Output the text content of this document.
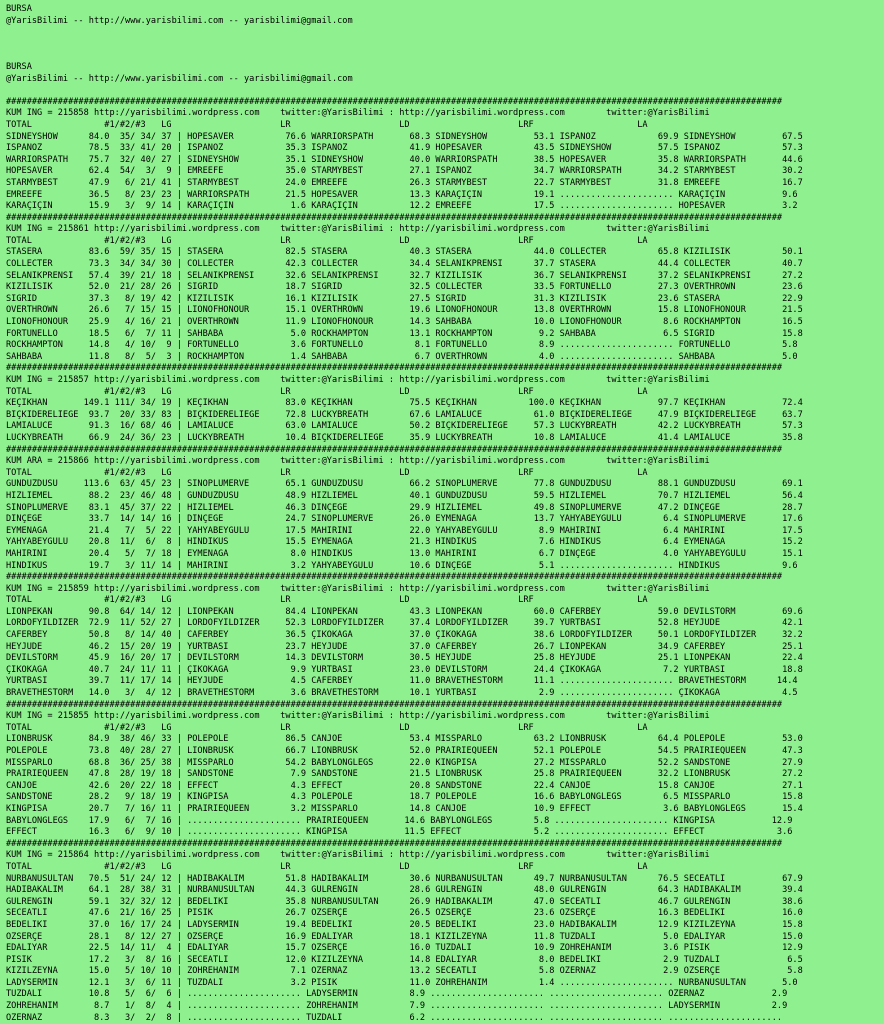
BURSA
@YarisBilimi -- http://www.yarisbilimi.com -- yarisbilimi@gmail.com
BURSA
@YarisBilimi -- http://www.yarisbilimi.com -- yarisbilimi@gmail.com
######################################################################################################################################################
KUM ING = 215858 http://yarisbilimi.wordpress.com    twitter:@YarisBilimi : http://yarisbilimi.wordpress.com        twitter:@YarisBilimi
TOTAL              #1/#2/#3   LG                     LR                     LD                     LRF                    LA
SIDNEYSHOW      84.0  35/ 34/ 37 | HOPESAVER          76.6 WARRIORSPATH       68.3 SIDNEYSHOW         53.1 ISPANOZ            69.9 SIDNEYSHOW         67.5
ISPANOZ         78.5  33/ 41/ 20 | ISPANOZ            35.3 ISPANOZ            41.9 HOPESAVER          43.5 SIDNEYSHOW         57.5 ISPANOZ            57.3
WARRIORSPATH    75.7  32/ 40/ 27 | SIDNEYSHOW         35.1 SIDNEYSHOW         40.0 WARRIORSPATH       38.5 HOPESAVER          35.8 WARRIORSPATH       44.6
HOPESAVER       62.4  54/  3/  9 | EMREEFE            35.0 STARMYBEST         27.1 ISPANOZ            34.7 WARRIORSPATH       34.2 STARMYBEST         30.2
STARMYBEST      47.9   6/ 21/ 41 | STARMYBEST         24.0 EMREEFE            26.3 STARMYBEST         22.7 STARMYBEST         31.8 EMREEFE            16.7
EMREEFE         36.5   8/ 23/ 23 | WARRIORSPATH       21.5 HOPESAVER          13.3 KARAÇIÇIN          19.1 ...................... KARAÇIÇIN           9.6
KARAÇIÇIN       15.9   3/  9/ 14 | KARAÇIÇIN           1.6 KARAÇIÇIN          12.2 EMREEFE            17.5 ...................... HOPESAVER           3.2
######################################################################################################################################################
KUM ING = 215861 http://yarisbilimi.wordpress.com    twitter:@YarisBilimi : http://yarisbilimi.wordpress.com        twitter:@YarisBilimi
TOTAL              #1/#2/#3   LG                     LR                     LD                     LRF                    LA
STASERA         83.6  59/ 35/ 15 | STASERA            82.5 STASERA            40.3 STASERA            44.0 COLLECTER          65.8 KIZILISIK          50.1
COLLECTER       73.3  34/ 34/ 30 | COLLECTER          42.3 COLLECTER          34.4 SELANIKPRENSI      37.7 STASERA            44.4 COLLECTER          40.7
SELANIKPRENSI   57.4  39/ 21/ 18 | SELANIKPRENSI      32.6 SELANIKPRENSI      32.7 KIZILISIK          36.7 SELANIKPRENSI      37.2 SELANIKPRENSI      27.2
KIZILISIK       52.0  21/ 28/ 26 | SIGRID             18.7 SIGRID             32.5 COLLECTER          33.5 FORTUNELLO         27.3 OVERTHROWN         23.6
SIGRID          37.3   8/ 19/ 42 | KIZILISIK          16.1 KIZILISIK          27.5 SIGRID             31.3 KIZILISIK          23.6 STASERA            22.9
OVERTHROWN      26.6   7/ 15/ 15 | LIONOFHONOUR       15.1 OVERTHROWN         19.6 LIONOFHONOUR       13.8 OVERTHROWN         15.8 LIONOFHONOUR       21.5
LIONOFHONOUR    25.9   4/ 16/ 21 | OVERTHROWN         11.9 LIONOFHONOUR       14.3 SAHBABA            10.0 LIONOFHONOUR        8.6 ROCKHAMPTON        16.5
FORTUNELLO      18.5   6/  7/ 11 | SAHBABA             5.0 ROCKHAMPTON        13.1 ROCKHAMPTON         9.2 SAHBABA             6.5 SIGRID             15.8
ROCKHAMPTON     14.8   4/ 10/  9 | FORTUNELLO          3.6 FORTUNELLO          8.1 FORTUNELLO          8.9 ...................... FORTUNELLO          5.8
SAHBABA         11.8   8/  5/  3 | ROCKHAMPTON         1.4 SAHBABA             6.7 OVERTHROWN          4.0 ...................... SAHBABA             5.0
######################################################################################################################################################
KUM ING = 215857 http://yarisbilimi.wordpress.com    twitter:@YarisBilimi : http://yarisbilimi.wordpress.com        twitter:@YarisBilimi
TOTAL              #1/#2/#3   LG                     LR                     LD                     LRF                    LA
KEÇIKHAN       149.1 111/ 34/ 19 | KEÇIKHAN           83.0 KEÇIKHAN           75.5 KEÇIKHAN          100.0 KEÇIKHAN           97.7 KEÇIKHAN           72.4
BIÇKIDERELIEGE  93.7  20/ 33/ 83 | BIÇKIDERELIEGE     72.8 LUCKYBREATH        67.6 LAMIALUCE          61.0 BIÇKIDERELIEGE     47.9 BIÇKIDERELIEGE     63.7
LAMIALUCE       91.3  16/ 68/ 46 | LAMIALUCE          63.0 LAMIALUCE          50.2 BIÇKIDERELIEGE     57.3 LUCKYBREATH        42.2 LUCKYBREATH        57.3
LUCKYBREATH     66.9  24/ 36/ 23 | LUCKYBREATH        10.4 BIÇKIDERELIEGE     35.9 LUCKYBREATH        10.8 LAMIALUCE          41.4 LAMIALUCE          35.8
######################################################################################################################################################
KUM ARA = 215866 http://yarisbilimi.wordpress.com    twitter:@YarisBilimi : http://yarisbilimi.wordpress.com        twitter:@YarisBilimi
TOTAL              #1/#2/#3   LG                     LR                     LD                     LRF                    LA
GÜNDÜZDÜSÜ     113.6  63/ 45/ 23 | SINOPLUMERVE       65.1 GÜNDÜZDÜSÜ         66.2 SINOPLUMERVE       77.8 GÜNDÜZDÜSÜ         88.1 GÜNDÜZDÜSÜ         69.1
HIZLIEMEL       88.2  23/ 46/ 48 | GÜNDÜZDÜSÜ         48.9 HIZLIEMEL          40.1 GÜNDÜZDÜSÜ         59.5 HIZLIEMEL          70.7 HIZLIEMEL          56.4
SINOPLUMERVE    83.1  45/ 37/ 22 | HIZLIEMEL          46.3 DINÇEGE            29.9 HIZLIEMEL          49.8 SINOPLUMERVE       47.2 DINÇEGE            28.7
DINÇEGE         33.7  14/ 14/ 16 | DINÇEGE            24.7 SINOPLUMERVE       26.0 EYMENAGA           13.7 YAHYABEYGÜLÜ        6.4 SINOPLUMERVE       17.6
EYMENAGA        21.4   7/  5/ 22 | YAHYABEYGÜLÜ       17.5 MAHIRINI           22.0 YAHYABEYGÜLÜ        8.9 MAHIRINI            6.4 MAHIRINI           17.5
YAHYABEYGÜLÜ    20.8  11/  6/  8 | HINDIKUS           15.5 EYMENAGA           21.3 HINDIKUS            7.6 HINDIKUS            6.4 EYMENAGA           15.2
MAHIRINI        20.4   5/  7/ 18 | EYMENAGA            8.0 HINDIKUS           13.0 MAHIRINI            6.7 DINÇEGE             4.0 YAHYABEYGÜLÜ       15.1
HINDIKUS        19.7   3/ 11/ 14 | MAHIRINI            3.2 YAHYABEYGÜLÜ       10.6 DINÇEGE             5.1 ...................... HINDIKUS            9.6
######################################################################################################################################################
KUM ING = 215859 http://yarisbilimi.wordpress.com    twitter:@YarisBilimi : http://yarisbilimi.wordpress.com        twitter:@YarisBilimi
TOTAL              #1/#2/#3   LG                     LR                     LD                     LRF                    LA
LIONPEKAN       90.8  64/ 14/ 12 | LIONPEKAN          84.4 LIONPEKAN          43.3 LIONPEKAN          60.0 CAFERBEY           59.0 DEVILSTORM         69.6
LORDOFYILDIZER  72.9  11/ 52/ 27 | LORDOFYILDIZER     52.3 LORDOFYILDIZER     37.4 LORDOFYILDIZER     39.7 YURTBASI           52.8 HEYJUDE            42.1
CAFERBEY        50.8   8/ 14/ 40 | CAFERBEY           36.5 ÇIKOKAGA           37.0 ÇIKOKAGA           38.6 LORDOFYILDIZER     50.1 LORDOFYILDIZER     32.2
HEYJUDE         46.2  15/ 20/ 19 | YURTBASI           23.7 HEYJUDE            37.0 CAFERBEY           26.7 LIONPEKAN          34.9 CAFERBEY           25.1
DEVILSTORM      45.9  16/ 20/ 17 | DEVILSTORM         14.3 DEVILSTORM         30.5 HEYJUDE            25.8 HEYJUDE            25.1 LIONPEKAN          22.4
ÇIKOKAGA        40.7  24/ 11/ 11 | ÇIKOKAGA            9.9 YURTBASI           23.0 DEVILSTORM         24.4 ÇIKOKAGA            7.2 YURTBASI           18.8
YURTBASI        39.7  11/ 17/ 14 | HEYJUDE             4.5 CAFERBEY           11.0 BRAVETHESTORM      11.1 ...................... BRAVETHESTORM      14.4
BRAVETHESTORM   14.0   3/  4/ 12 | BRAVETHESTORM       3.6 BRAVETHESTORM      10.1 YURTBASI            2.9 ...................... ÇIKOKAGA            4.5
######################################################################################################################################################
KUM ING = 215855 http://yarisbilimi.wordpress.com    twitter:@YarisBilimi : http://yarisbilimi.wordpress.com        twitter:@YarisBilimi
TOTAL              #1/#2/#3   LG                     LR                     LD                     LRF                    LA
LIONBRUSK       84.9  38/ 46/ 33 | POLEPOLE           86.5 CANJOE             53.4 MISSPARLO          63.2 LIONBRUSK          64.4 POLEPOLE           53.0
POLEPOLE        73.8  40/ 28/ 27 | LIONBRUSK          66.7 LIONBRUSK          52.0 PRAIRIEQUEEN       52.1 POLEPOLE           54.5 PRAIRIEQUEEN       47.3
MISSPARLO       68.8  36/ 25/ 38 | MISSPARLO          54.2 BABYLONGLEGS       22.0 KINGPISA           27.2 MISSPARLO          52.2 SANDSTONE          27.9
PRAIRIEQUEEN    47.8  28/ 19/ 18 | SANDSTONE           7.9 SANDSTONE          21.5 LIONBRUSK          25.8 PRAIRIEQUEEN       32.2 LIONBRUSK          27.2
CANJOE          42.6  20/ 22/ 18 | EFFECT              4.3 EFFECT             20.8 SANDSTONE          22.4 CANJOE             15.8 CANJOE             27.1
SANDSTONE       28.2   9/ 18/ 19 | KINGPISA            4.3 POLEPOLE           18.7 POLEPOLE           16.6 BABYLONGLEGS        6.5 MISSPARLO          15.8
KINGPISA        20.7   7/ 16/ 11 | PRAIRIEQUEEN        3.2 MISSPARLO          14.8 CANJOE             10.9 EFFECT              3.6 BABYLONGLEGS       15.4
BABYLONGLEGS    17.9   6/  7/ 16 | ...................... PRAIRIEQUEEN       14.6 BABYLONGLEGS        5.8 ...................... KINGPISA           12.9
EFFECT          16.3   6/  9/ 10 | ...................... KINGPISA           11.5 EFFECT              5.2 ...................... EFFECT              3.6
######################################################################################################################################################
KUM ING = 215864 http://yarisbilimi.wordpress.com    twitter:@YarisBilimi : http://yarisbilimi.wordpress.com        twitter:@YarisBilimi
TOTAL              #1/#2/#3   LG                     LR                     LD                     LRF                    LA
NURBANUSULTAN   70.5  51/ 24/ 12 | HADIBAKALIM        51.8 HADIBAKALIM        30.6 NURBANUSULTAN      49.7 NURBANUSULTAN      76.5 SECEATLI           67.9
HADIBAKALIM     64.1  28/ 38/ 31 | NURBANUSULTAN      44.3 GÜLRENGIN          28.6 GÜLRENGIN          48.0 GÜLRENGIN          64.3 HADIBAKALIM        39.4
GÜLRENGIN       59.1  32/ 32/ 12 | BEDELIKI           35.8 NURBANUSULTAN      26.9 HADIBAKALIM        47.0 SECEATLI           46.7 GÜLRENGIN          38.6
SECEATLI        47.6  21/ 16/ 25 | PISIK              26.7 ÖZSERÇE            26.5 ÖZSERÇE            23.6 ÖZSERÇE            16.3 BEDELIKI           16.0
BEDELIKI        37.0  16/ 17/ 24 | LADYSERMIN         19.4 BEDELIKI           20.5 BEDELIKI           23.0 HADIBAKALIM        12.9 KIZILZEYNA         15.8
ÖZSERÇE         28.1   8/ 12/ 27 | ÖZSERÇE            16.9 EDALIYAR           18.1 KIZILZEYNA         11.8 TUZDALI             5.0 EDALIYAR           15.0
EDALIYAR        22.5  14/ 11/  4 | EDALIYAR           15.7 ÖZSERÇE            16.0 TUZDALI            10.9 ZÖHREHANIM          3.6 PISIK              12.9
PISIK           17.2   3/  8/ 16 | SECEATLI           12.0 KIZILZEYNA         14.8 EDALIYAR            8.0 BEDELIKI            2.9 TUZDALI             6.5
KIZILZEYNA      15.0   5/ 10/ 10 | ZÖHREHANIM          7.1 ÖZERNAZ            13.2 SECEATLI            5.8 ÖZERNAZ             2.9 ÖZSERÇE             5.8
LADYSERMIN      12.1   3/  6/ 11 | TUZDALI             3.2 PISIK              11.0 ZÖHREHANIM          1.4 ...................... NURBANUSULTAN       5.0
TUZDALI         10.8   5/  6/  6 | ...................... LADYSERMIN          8.9 ...................... ...................... ÖZERNAZ             2.9
ZÖHREHANIM       8.7   1/  8/  4 | ...................... ZÖHREHANIM          7.9 ...................... ...................... LADYSERMIN          2.9
ÖZERNAZ          8.3   3/  2/  8 | ...................... TUZDALI             6.2 ...................... ...................... ......................
